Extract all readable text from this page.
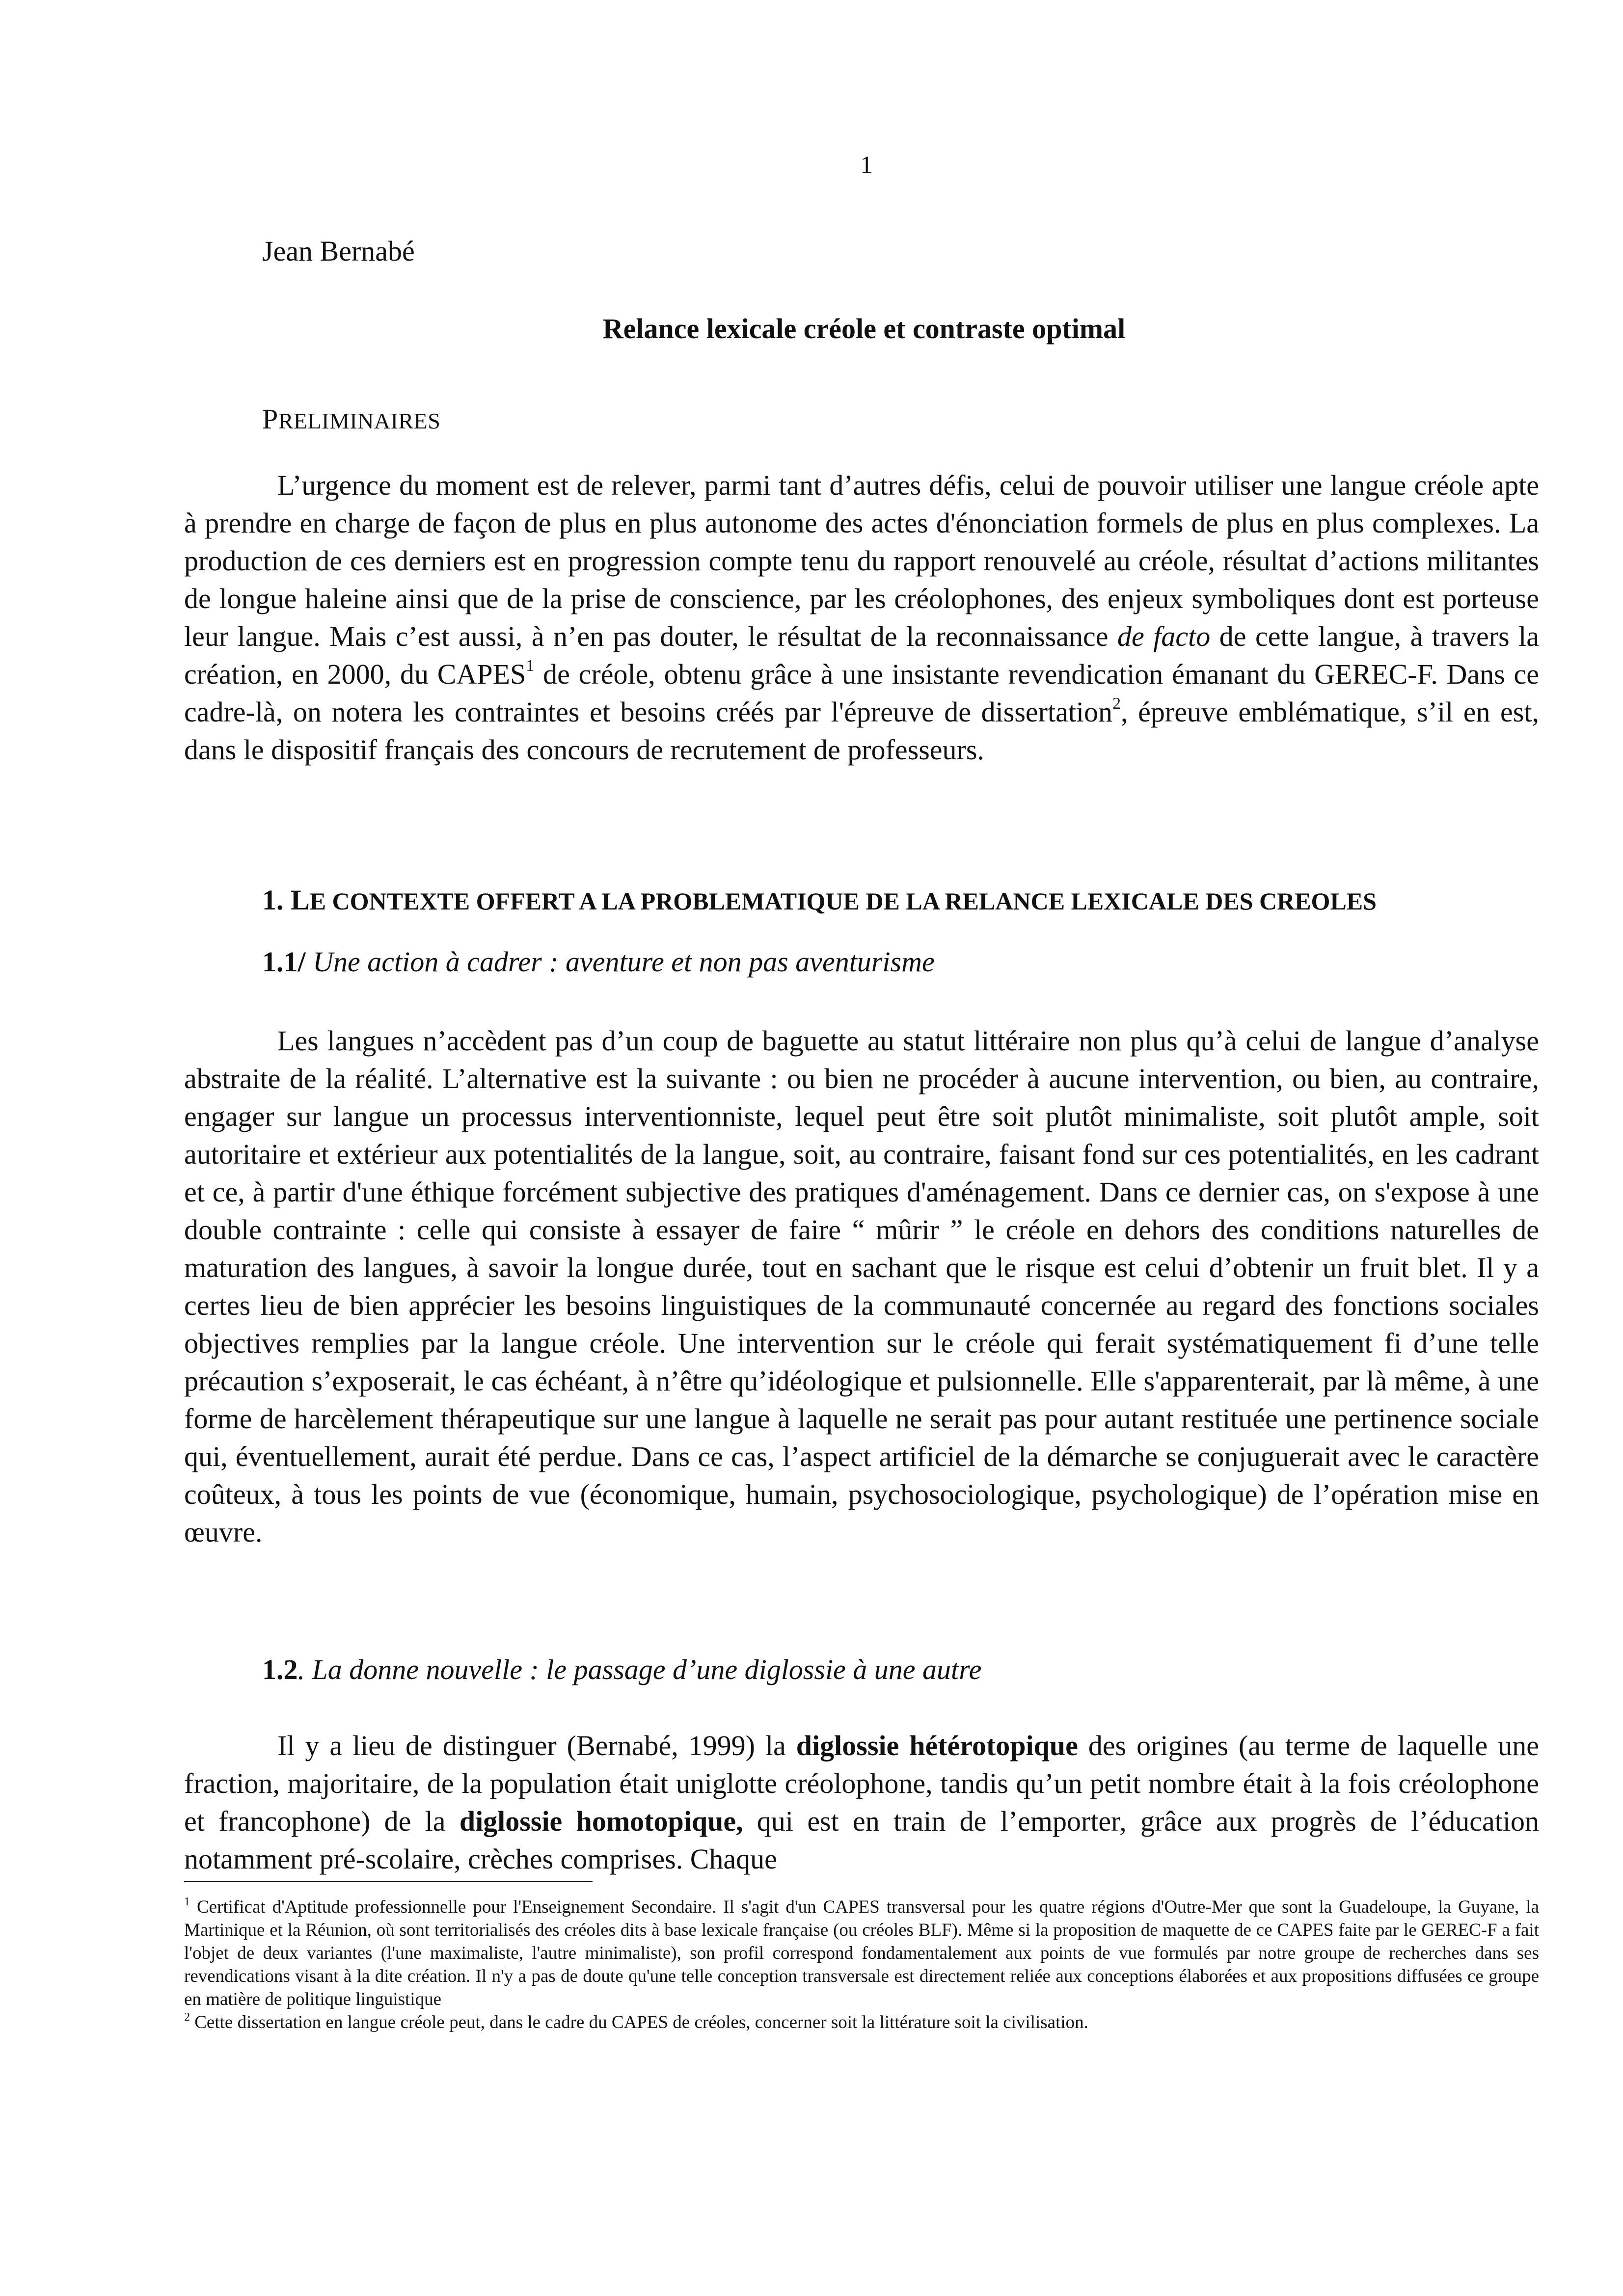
1
Jean Bernabé
Relance lexicale créole et contraste optimal
PRELIMINAIRES

L’urgence du moment est de relever, parmi tant d’autres défis, celui de pouvoir utiliser une langue créole apte à prendre en charge de façon de plus en plus autonome des actes d'énonciation formels de plus en plus complexes. La production de ces derniers est en progression compte tenu du rapport renouvelé au créole, résultat d’actions militantes de longue haleine ainsi que de la prise de conscience, par les créolophones, des enjeux symboliques dont est porteuse leur langue. Mais c’est aussi, à n’en pas douter, le résultat de la reconnaissance de facto de cette langue, à travers la création, en 2000, du CAPES$^1$ de créole, obtenu grâce à une insistante revendication émanant du GEREC-F. Dans ce cadre-là, on notera les contraintes et besoins créés par l'épreuve de dissertation$^2$, épreuve emblématique, s’il en est, dans le dispositif français des concours de recrutement de professeurs.

1. LE CONTEXTE OFFERT A LA PROBLEMATIQUE DE LA RELANCE LEXICALE DES CREOLES
1.1/ Une action à cadrer : aventure et non pas aventurisme

Les langues n’accèdent pas d’un coup de baguette au statut littéraire non plus qu’à celui de langue d’analyse abstraite de la réalité. L’alternative est la suivante : ou bien ne procéder à aucune intervention, ou bien, au contraire, engager sur langue un processus interventionniste, lequel peut être soit plutôt minimaliste, soit plutôt ample, soit autoritaire et extérieur aux potentialités de la langue, soit, au contraire, faisant fond sur ces potentialités, en les cadrant et ce, à partir d'une éthique forcément subjective des pratiques d'aménagement. Dans ce dernier cas, on s'expose à une double contrainte : celle qui consiste à essayer de faire “ mûrir ” le créole en dehors des conditions naturelles de maturation des langues, à savoir la longue durée, tout en sachant que le risque est celui d’obtenir un fruit blet. Il y a certes lieu de bien apprécier les besoins linguistiques de la communauté concernée au regard des fonctions sociales objectives remplies par la langue créole. Une intervention sur le créole qui ferait systématiquement fi d’une telle précaution s’exposerait, le cas échéant, à n’être qu’idéologique et pulsionnelle. Elle s'apparenterait, par là même, à une forme de harcèlement thérapeutique sur une langue à laquelle ne serait pas pour autant restituée une pertinence sociale qui, éventuellement, aurait été perdue. Dans ce cas, l’aspect artificiel de la démarche se conjuguerait avec le caractère coûteux, à tous les points de vue (économique, humain, psychosociologique, psychologique) de l’opération mise en œuvre.

1.2. La donne nouvelle : le passage d’une diglossie à une autre

Il y a lieu de distinguer (Bernabé, 1999) la diglossie hétérotopique des origines (au terme de laquelle une fraction, majoritaire, de la population était uniglotte créolophone, tandis qu’un petit nombre était à la fois créolophone et francophone) de la diglossie homotopique, qui est en train de l’emporter, grâce aux progrès de l’éducation notamment pré-scolaire, crèches comprises. Chaque

$^1$ Certificat d'Aptitude professionnelle pour l'Enseignement Secondaire. Il s'agit d'un CAPES transversal pour les quatre régions d'Outre-Mer que sont la Guadeloupe, la Guyane, la Martinique et la Réunion, où sont territorialisés des créoles dits à base lexicale française (ou créoles BLF). Même si la proposition de maquette de ce CAPES faite par le GEREC-F a fait l'objet de deux variantes (l'une maximaliste, l'autre minimaliste), son profil correspond fondamentalement aux points de vue formulés par notre groupe de recherches dans ses revendications visant à la dite création. Il n'y a pas de doute qu'une telle conception transversale est directement reliée aux conceptions élaborées et aux propositions diffusées ce groupe en matière de politique linguistique

$^2$ Cette dissertation en langue créole peut, dans le cadre du CAPES de créoles, concerner soit la littérature soit la civilisation.
